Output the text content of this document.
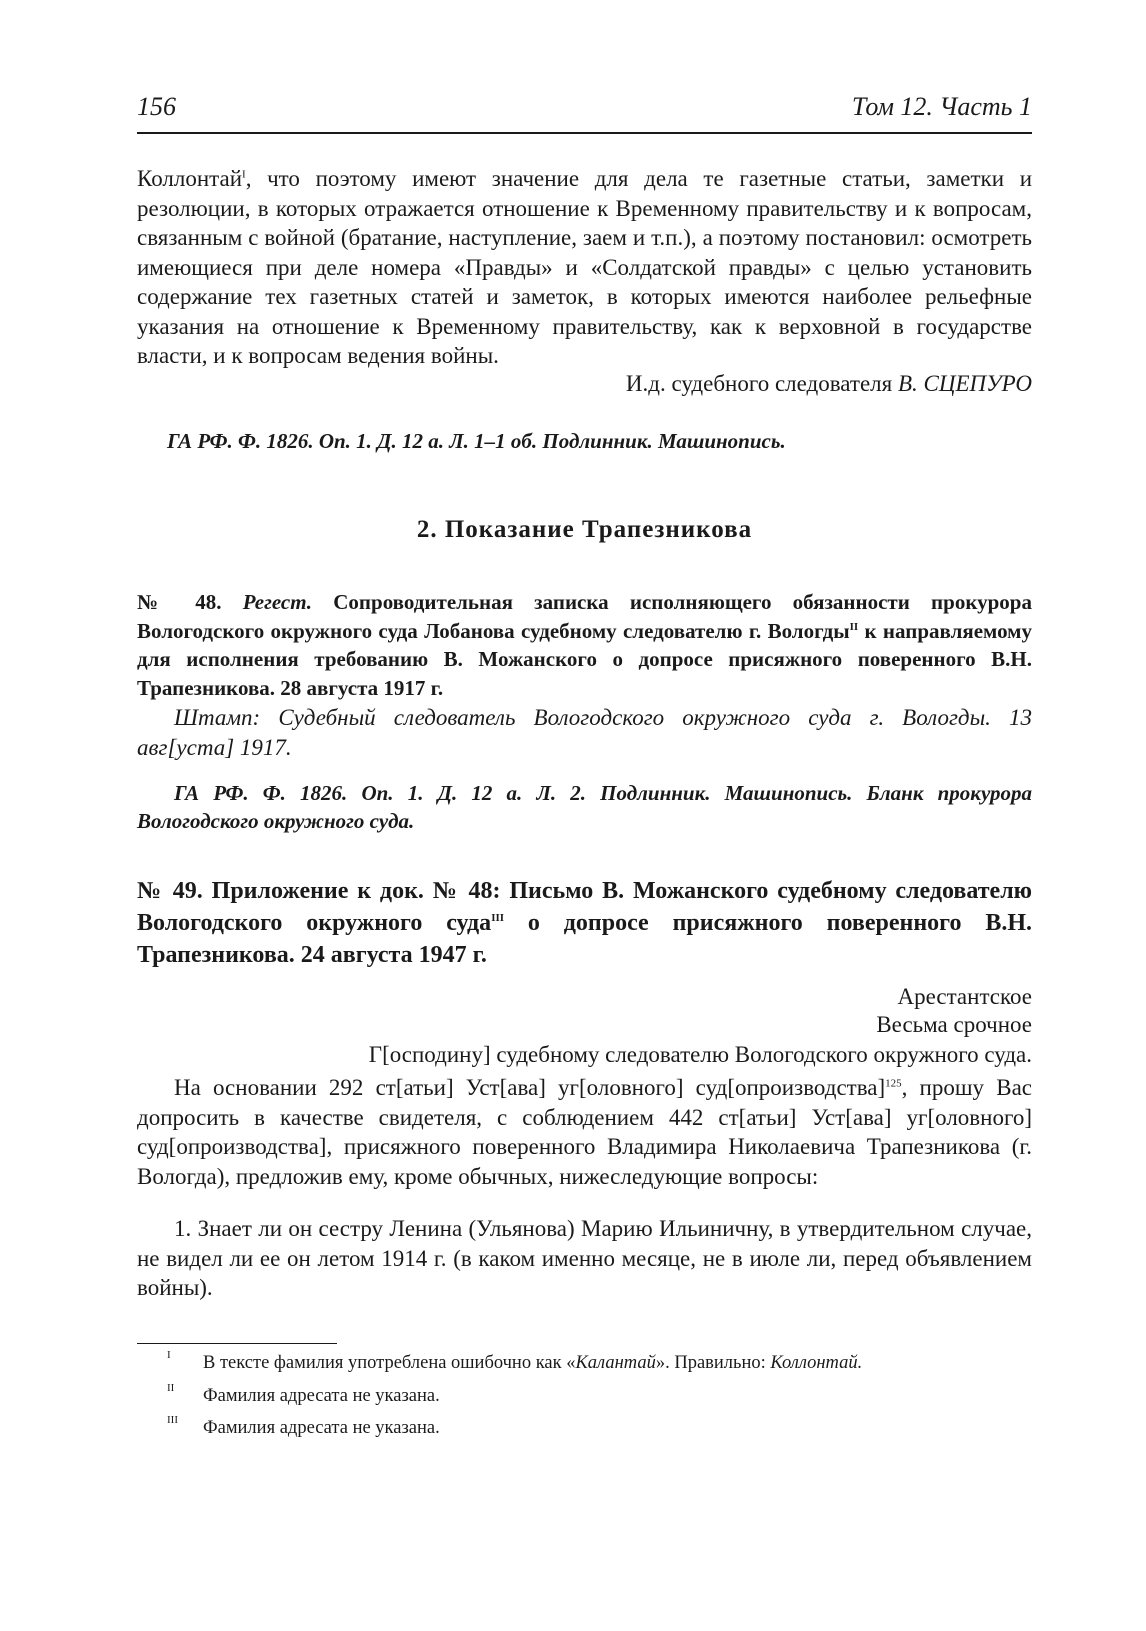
156	Том 12. Часть 1
Коллонтай$^I$, что поэтому имеют значение для дела те газетные статьи, заметки и резолюции, в которых отражается отношение к Временному правительству и к вопросам, связанным с войной (братание, наступление, заем и т.п.), а поэтому постановил: осмотреть имеющиеся при деле номера «Правды» и «Солдатской правды» с целью установить содержание тех газетных статей и заметок, в которых имеются наиболее рельефные указания на отношение к Временному правительству, как к верховной в государстве власти, и к вопросам ведения войны.
И.д. судебного следователя В. СЦЕПУРО
ГА РФ. Ф. 1826. Оп. 1. Д. 12 а. Л. 1–1 об. Подлинник. Машинопись.
2. Показание Трапезникова
№ 48. Регест. Сопроводительная записка исполняющего обязанности прокурора Вологодского окружного суда Лобанова судебному следователю г. Вологды$^{II}$ к направляемому для исполнения требованию В. Можанского о допросе присяжного поверенного В.Н. Трапезникова. 28 августа 1917 г.
Штамп: Судебный следователь Вологодского окружного суда г. Вологды. 13 авг[уста] 1917.
ГА РФ. Ф. 1826. Оп. 1. Д. 12 а. Л. 2. Подлинник. Машинопись. Бланк прокурора Вологодского окружного суда.
№ 49. Приложение к док. № 48: Письмо В. Можанского судебному следователю Вологодского окружного суда$^{III}$ о допросе присяжного поверенного В.Н. Трапезникова. 24 августа 1947 г.
Арестантское
Весьма срочное
Г[осподину] судебному следователю Вологодского окружного суда.
На основании 292 ст[атьи] Уст[ава] уг[оловного] суд[опроизводства]$^{125}$, прошу Вас допросить в качестве свидетеля, с соблюдением 442 ст[атьи] Уст[ава] уг[оловного] суд[опроизводства], присяжного поверенного Владимира Николаевича Трапезникова (г. Вологда), предложив ему, кроме обычных, нижеследующие вопросы:
1. Знает ли он сестру Ленина (Ульянова) Марию Ильиничну, в утвердительном случае, не видел ли ее он летом 1914 г. (в каком именно месяце, не в июле ли, перед объявлением войны).
I В тексте фамилия употреблена ошибочно как «Калантай». Правильно: Коллонтай.
II Фамилия адресата не указана.
III Фамилия адресата не указана.
